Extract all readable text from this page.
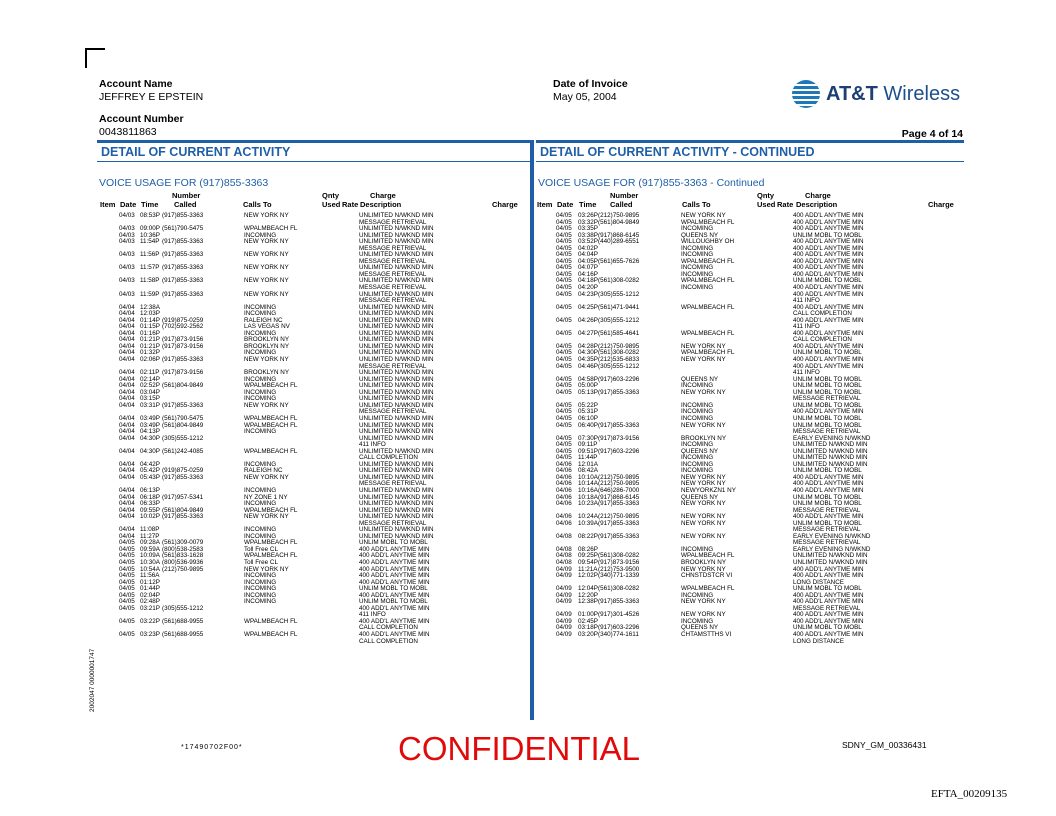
Account Name
JEFFREY E EPSTEIN
Account Number
0043811863
Date of Invoice
May 05, 2004	AT&T Wireless
Page 4 of 14
DETAIL OF CURRENT ACTIVITY	DETAIL OF CURRENT ACTIVITY - CONTINUED
VOICE USAGE FOR (917)855-3363	VOICE USAGE FOR (917)855-3363 - Continued
Number	Qnty	Charge
Item Date Time Called	Calls To	Used Rate Description	Charge
Number	Qnty	Charge
Item Date Time Called	Calls To	Used Rate Description	Charge
04/03 08:53P (917)855-3363	NEW YORK NY	UNLIMITED N/WKND MIN
MESSAGE RETRIEVAL
04/03 09:00P (561)790-5475	WPALMBEACH FL	UNLIMITED N/WKND MIN
04/03 10:36P	INCOMING	UNLIMITED N/WKND MIN
04/03 11:54P (917)855-3363	NEW YORK NY	UNLIMITED N/WKND MIN
MESSAGE RETRIEVAL
04/03 11:56P (917)855-3363	NEW YORK NY	UNLIMITED N/WKND MIN
MESSAGE RETRIEVAL
04/03 11:57P (917)855-3363	NEW YORK NY	UNLIMITED N/WKND MIN
MESSAGE RETRIEVAL
04/03 11:58P (917)855-3363	NEW YORK NY	UNLIMITED N/WKND MIN
MESSAGE RETRIEVAL
04/03 11:59P (917)855-3363	NEW YORK NY	UNLIMITED N/WKND MIN
MESSAGE RETRIEVAL
04/04 12:38A	INCOMING	UNLIMITED N/WKND MIN
04/04 12:03P	INCOMING	UNLIMITED N/WKND MIN
04/04 01:14P (919)875-0259	RALEIGH NC	UNLIMITED N/WKND MIN
04/04 01:15P (702)592-2562	LAS VEGAS NV	UNLIMITED N/WKND MIN
04/04 01:16P	INCOMING	UNLIMITED N/WKND MIN
04/04 01:21P (917)873-9156	BROOKLYN NY	UNLIMITED N/WKND MIN
04/04 01:21P (917)873-9156	BROOKLYN NY	UNLIMITED N/WKND MIN
04/04 01:32P	INCOMING	UNLIMITED N/WKND MIN
04/04 02:06P (917)855-3363	NEW YORK NY	UNLIMITED N/WKND MIN
MESSAGE RETRIEVAL
04/04 02:11P (917)873-9156	BROOKLYN NY	UNLIMITED N/WKND MIN
04/04 02:14P	INCOMING	UNLIMITED N/WKND MIN
04/04 02:52P (561)804-9849	WPALMBEACH FL	UNLIMITED N/WKND MIN
04/04 03:04P	INCOMING	UNLIMITED N/WKND MIN
04/04 03:15P	INCOMING	UNLIMITED N/WKND MIN
04/04 03:31P (917)855-3363	NEW YORK NY	UNLIMITED N/WKND MIN
MESSAGE RETRIEVAL
04/04 03:49P (561)790-5475	WPALMBEACH FL	UNLIMITED N/WKND MIN
04/04 03:49P (561)804-9849	WPALMBEACH FL	UNLIMITED N/WKND MIN
04/04 04:13P	INCOMING	UNLIMITED N/WKND MIN
04/04 04:30P (305)555-1212	UNLIMITED N/WKND MIN
411 INFO
04/04 04:30P (561)242-4085	WPALMBEACH FL	UNLIMITED N/WKND MIN
CALL COMPLETION
04/04 04:42P	INCOMING	UNLIMITED N/WKND MIN
04/04 05:42P (919)875-0259	RALEIGH NC	UNLIMITED N/WKND MIN
04/04 05:43P (917)855-3363	NEW YORK NY	UNLIMITED N/WKND MIN
MESSAGE RETRIEVAL
04/04 06:13P	INCOMING	UNLIMITED N/WKND MIN
04/04 06:18P (917)957-5341	NY ZONE 1 NY	UNLIMITED N/WKND MIN
04/04 06:33P	INCOMING	UNLIMITED N/WKND MIN
04/04 09:55P (561)804-9849	WPALMBEACH FL	UNLIMITED N/WKND MIN
04/04 10:02P (917)855-3363	NEW YORK NY	UNLIMITED N/WKND MIN
MESSAGE RETRIEVAL
04/04 11:08P	INCOMING	UNLIMITED N/WKND MIN
04/04 11:27P	INCOMING	UNLIMITED N/WKND MIN
04/05 09:28A (561)309-0079	WPALMBEACH FL	UNLIM MOBL TO MOBL
04/05 09:59A (800)538-2583	Toll Free CL	400 ADD'L ANYTME MIN
04/05 10:09A (561)833-1628	WPALMBEACH FL	400 ADD'L ANYTME MIN
04/05 10:30A (800)536-9936	Toll Free CL	400 ADD'L ANYTME MIN
04/05 10:54A (212)750-9895	NEW YORK NY	400 ADD'L ANYTME MIN
04/05 11:56A	INCOMING	400 ADD'L ANYTME MIN
04/05 01:12P	INCOMING	400 ADD'L ANYTME MIN
04/05 01:44P	INCOMING	UNLIM MOBL TO MOBL
04/05 02:04P	INCOMING	400 ADD'L ANYTME MIN
04/05 02:48P	INCOMING	UNLIM MOBL TO MOBL
04/05 03:21P (305)555-1212	400 ADD'L ANYTME MIN
411 INFO
04/05 03:22P (561)688-9955	WPALMBEACH FL	400 ADD'L ANYTME MIN
CALL COMPLETION
04/05 03:23P (561)688-9955	WPALMBEACH FL	400 ADD'L ANYTME MIN
CALL COMPLETION
04/05 03:26P (212)750-9895	NEW YORK NY	400 ADD'L ANYTME MIN
04/05 03:32P (561)804-9849	WPALMBEACH FL	400 ADD'L ANYTME MIN
04/05 03:35P	INCOMING	400 ADD'L ANYTME MIN
04/05 03:38P (917)868-6145	QUEENS NY	UNLIM MOBL TO MOBL
04/05 03:52P (440)289-6551	WILLOUGHBY OH	400 ADD'L ANYTME MIN
04/05 04:02P	INCOMING	400 ADD'L ANYTME MIN
04/05 04:04P	INCOMING	400 ADD'L ANYTME MIN
04/05 04:05P (561)655-7626	WPALMBEACH FL	400 ADD'L ANYTME MIN
04/05 04:07P	INCOMING	400 ADD'L ANYTME MIN
04/05 04:16P	INCOMING	400 ADD'L ANYTME MIN
04/05 04:18P (561)308-0282	WPALMBEACH FL	UNLIM MOBL TO MOBL
04/05 04:20P	INCOMING	400 ADD'L ANYTME MIN
04/05 04:23P (305)555-1212	400 ADD'L ANYTME MIN
411 INFO
04/05 04:25P (561)471-9441	WPALMBEACH FL	400 ADD'L ANYTME MIN
CALL COMPLETION
04/05 04:26P (305)555-1212	400 ADD'L ANYTME MIN
411 INFO
04/05 04:27P (561)585-4641	WPALMBEACH FL	400 ADD'L ANYTME MIN
CALL COMPLETION
04/05 04:28P (212)750-9895	NEW YORK NY	400 ADD'L ANYTME MIN
04/05 04:30P (561)308-0282	WPALMBEACH FL	UNLIM MOBL TO MOBL
04/05 04:35P (212)535-6833	NEW YORK NY	400 ADD'L ANYTME MIN
04/05 04:46P (305)555-1212	400 ADD'L ANYTME MIN
411 INFO
04/05 04:58P (917)603-2296	QUEENS NY	UNLIM MOBL TO MOBL
04/05 05:00P	INCOMING	UNLIM MOBL TO MOBL
04/05 05:13P (917)855-3363	NEW YORK NY	UNLIM MOBL TO MOBL
MESSAGE RETRIEVAL
04/05 05:22P	INCOMING	UNLIM MOBL TO MOBL
04/05 05:31P	INCOMING	400 ADD'L ANYTME MIN
04/05 06:10P	INCOMING	UNLIM MOBL TO MOBL
04/05 06:40P (917)855-3363	NEW YORK NY	UNLIM MOBL TO MOBL
MESSAGE RETRIEVAL
04/05 07:30P (917)873-9156	BROOKLYN NY	EARLY EVENING N/WKND
04/05 09:11P	INCOMING	UNLIMITED N/WKND MIN
04/05 09:51P (917)603-2296	QUEENS NY	UNLIMITED N/WKND MIN
04/05 11:44P	INCOMING	UNLIMITED N/WKND MIN
04/06 12:01A	INCOMING	UNLIMITED N/WKND MIN
04/06 08:42A	INCOMING	UNLIM MOBL TO MOBL
04/06 10:10A (212)750-9895	NEW YORK NY	400 ADD'L ANYTME MIN
04/06 10:14A (212)750-9895	NEW YORK NY	400 ADD'L ANYTME MIN
04/06 10:16A (646)286-7000	NEWYORKZN1 NY	400 ADD'L ANYTME MIN
04/06 10:18A (917)868-6145	QUEENS NY	UNLIM MOBL TO MOBL
04/06 10:23A (917)855-3363	NEW YORK NY	UNLIM MOBL TO MOBL
MESSAGE RETRIEVAL
04/06 10:24A (212)750-9895	NEW YORK NY	400 ADD'L ANYTME MIN
04/06 10:39A (917)855-3363	NEW YORK NY	UNLIM MOBL TO MOBL
MESSAGE RETRIEVAL
04/08 08:22P (917)855-3363	NEW YORK NY	EARLY EVENING N/WKND
MESSAGE RETRIEVAL
04/08 08:26P	INCOMING	EARLY EVENING N/WKND
04/08 09:25P (561)308-0282	WPALMBEACH FL	UNLIMITED N/WKND MIN
04/08 09:54P (917)873-9156	BROOKLYN NY	UNLIMITED N/WKND MIN
04/09 11:21A (212)753-9500	NEW YORK NY	400 ADD'L ANYTME MIN
04/09 12:02P (340)771-1339	CHNSTDSTCR VI	400 ADD'L ANYTME MIN
LONG DISTANCE
04/09 12:04P (561)308-0282	WPALMBEACH FL	UNLIM MOBL TO MOBL
04/09 12:20P	INCOMING	400 ADD'L ANYTME MIN
04/09 12:38P (917)855-3363	NEW YORK NY	400 ADD'L ANYTME MIN
MESSAGE RETRIEVAL
04/09 01:00P (917)301-4526	NEW YORK NY	400 ADD'L ANYTME MIN
04/09 02:45P	INCOMING	400 ADD'L ANYTME MIN
04/09 03:18P (917)603-2296	QUEENS NY	UNLIM MOBL TO MOBL
04/09 03:20P (340)774-1611	CHTAMSTTHS VI	400 ADD'L ANYTME MIN
LONG DISTANCE
2002047 0000001747
*17490702F00*	CONFIDENTIAL	SDNY_GM_00336431
EFTA_00209135
